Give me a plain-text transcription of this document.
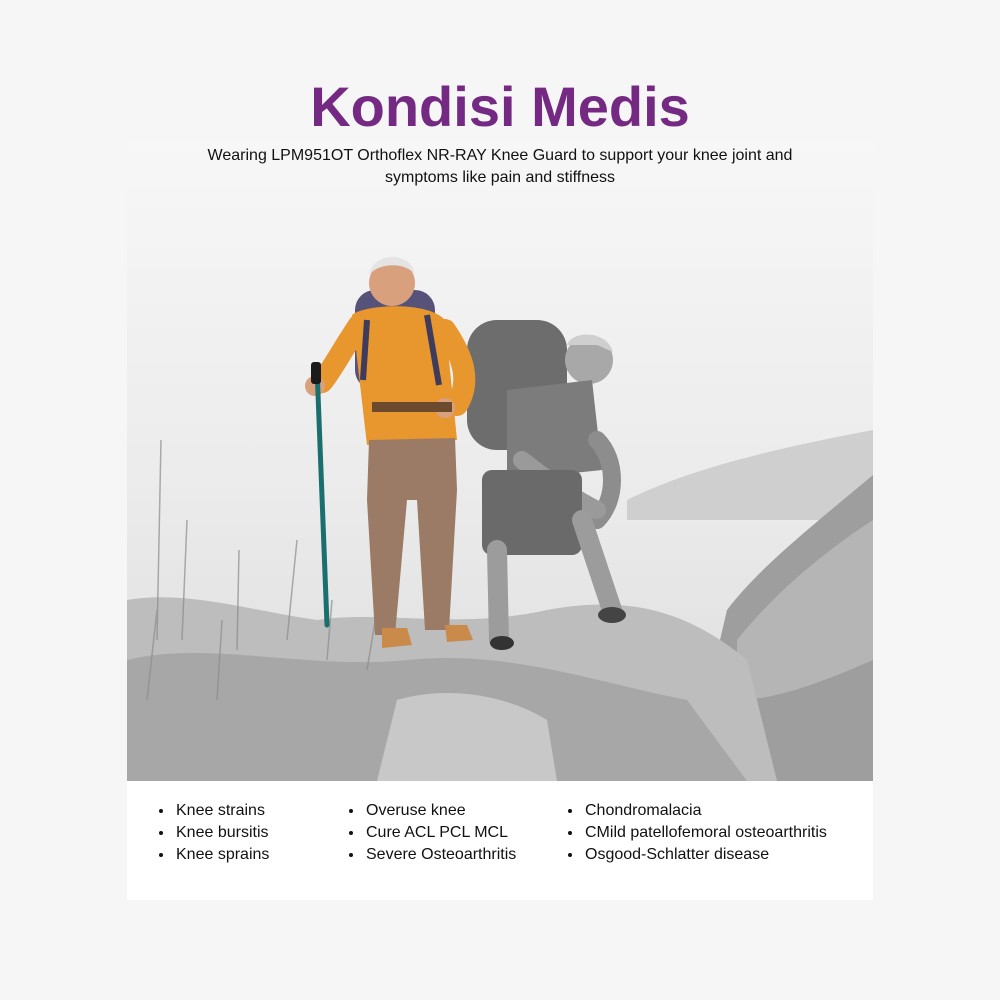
Kondisi Medis
Wearing LPM951OT Orthoflex NR-RAY Knee Guard to support your knee joint and symptoms like pain and stiffness
Knee strains
Knee bursitis
Knee sprains
Overuse knee
Cure ACL PCL MCL
Severe Osteoarthritis
Chondromalacia
CMild patellofemoral osteoarthritis
Osgood-Schlatter disease
